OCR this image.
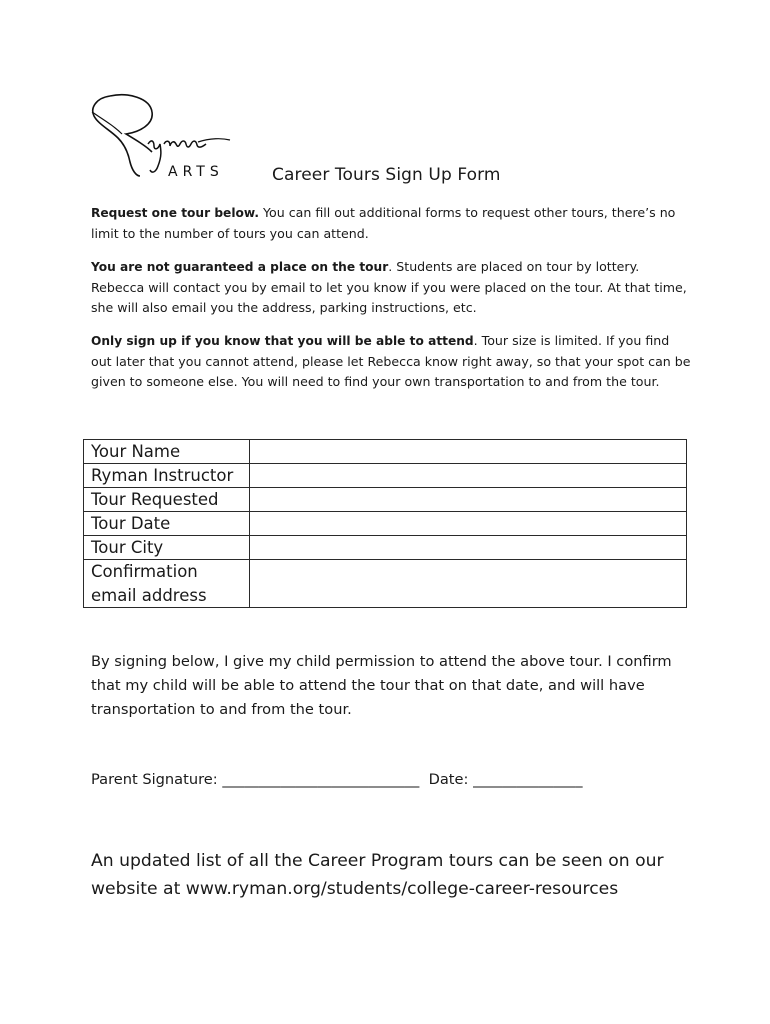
ARTS	Career Tours Sign Up Form

Request one tour below. You can fill out additional forms to request other tours, there’s no limit to the number of tours you can attend.

You are not guaranteed a place on the tour. Students are placed on tour by lottery. Rebecca will contact you by email to let you know if you were placed on the tour. At that time, she will also email you the address, parking instructions, etc.

Only sign up if you know that you will be able to attend. Tour size is limited. If you find out later that you cannot attend, please let Rebecca know right away, so that your spot can be given to someone else. You will need to find your own transportation to and from the tour.

Your Name	
Ryman Instructor	
Tour Requested	
Tour Date	
Tour City	
Confirmation email address	

By signing below, I give my child permission to attend the above tour. I confirm that my child will be able to attend the tour that on that date, and will have transportation to and from the tour.

Parent Signature: ___________________________  Date: _______________

An updated list of all the Career Program tours can be seen on our website at www.ryman.org/students/college-career-resources
